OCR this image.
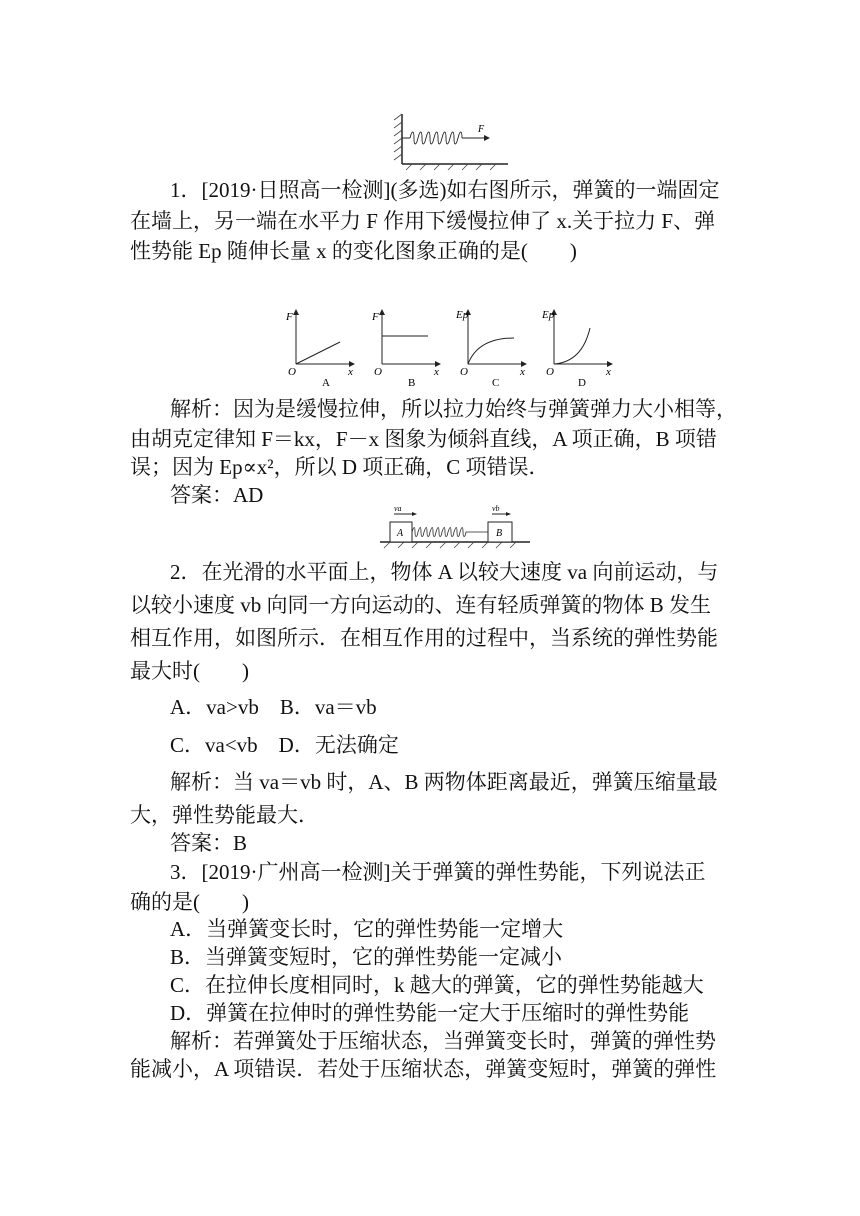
F
1．[2019·日照高一检测](多选)如右图所示，弹簧的一端固定
在墙上，另一端在水平力 F 作用下缓慢拉伸了 x.关于拉力 F、弹
性势能 Ep 随伸长量 x 的变化图象正确的是(　　)
F
O	x
A
F
O	x
B
Ep
O	x
C
Ep
O	x
D
解析：因为是缓慢拉伸，所以拉力始终与弹簧弹力大小相等，
由胡克定律知 F＝kx，F－x 图象为倾斜直线，A 项正确，B 项错
误；因为 Ep∝x²，所以 D 项正确，C 项错误．
答案：AD
A	B
va	vb
2．在光滑的水平面上，物体 A 以较大速度 va 向前运动，与
以较小速度 vb 向同一方向运动的、连有轻质弹簧的物体 B 发生
相互作用，如图所示．在相互作用的过程中，当系统的弹性势能
最大时(　　)
A．va>vb　B．va＝vb
C．va<vb　D．无法确定
解析：当 va＝vb 时，A、B 两物体距离最近，弹簧压缩量最
大，弹性势能最大．
答案：B
3．[2019·广州高一检测]关于弹簧的弹性势能，下列说法正
确的是(　　)
A．当弹簧变长时，它的弹性势能一定增大
B．当弹簧变短时，它的弹性势能一定减小
C．在拉伸长度相同时，k 越大的弹簧，它的弹性势能越大
D．弹簧在拉伸时的弹性势能一定大于压缩时的弹性势能
解析：若弹簧处于压缩状态，当弹簧变长时，弹簧的弹性势
能减小，A 项错误．若处于压缩状态，弹簧变短时，弹簧的弹性
